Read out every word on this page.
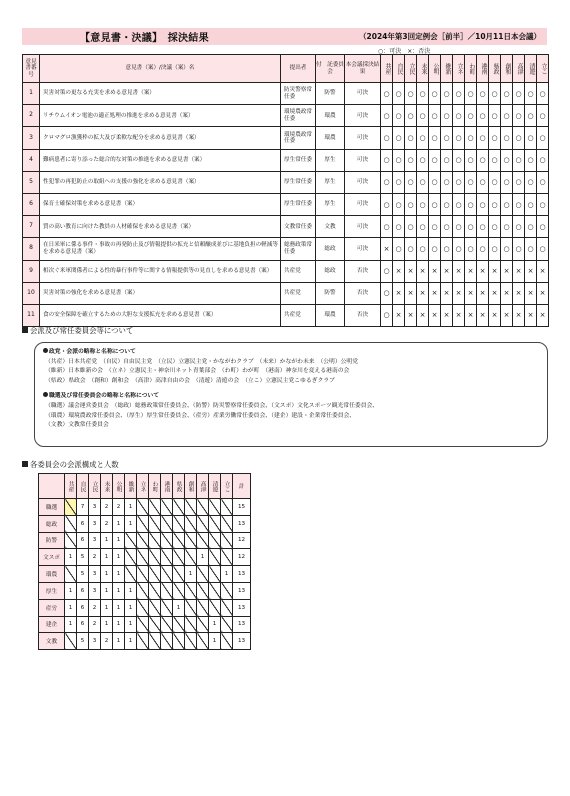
【意見書・決議】　採決結果	（2024年第3回定例会［前半］／10月11日本会議）
○：可決　×：否決
意見書番号	意見書（案）/決議（案）名	提出者	付　託委員会	本会議採決結果	共産	自民	立民	未来	公明	維新	立ネ	わ町	港南	県政	創和	高津	清遊	立こ
1	災害対策の更なる充実を求める意見書（案）	防災警察常任委	防警	可決	○	○	○	○	○	○	○	○	○	○	○	○	○	○
2	リチウムイオン電池の適正処理の推進を求める意見書（案）	環境農政常任委	環農	可決	○	○	○	○	○	○	○	○	○	○	○	○	○	○
3	クロマグロ漁獲枠の拡大及び柔軟な配分を求める意見書（案）	環境農政常任委	環農	可決	○	○	○	○	○	○	○	○	○	○	○	○	○	○
4	難病患者に寄り添った総合的な対策の推進を求める意見書（案）	厚生常任委	厚生	可決	○	○	○	○	○	○	○	○	○	○	○	○	○	○
5	性犯罪の再犯防止の取組への支援の強化を求める意見書（案）	厚生常任委	厚生	可決	○	○	○	○	○	○	○	○	○	○	○	○	○	○
6	保育士確保対策を求める意見書（案）	厚生常任委	厚生	可決	○	○	○	○	○	○	○	○	○	○	○	○	○	○
7	質の高い教育に向けた教員の人材確保を求める意見書（案）	文教常任委	文教	可決	○	○	○	○	○	○	○	○	○	○	○	○	○	○
8	在日米軍に係る事件・事故の再発防止及び情報提供の拡充と信頼醸成並びに基地負担の軽減等を求める意見書（案）	総務政策常任委	総政	可決	×	○	○	○	○	○	○	○	○	○	○	○	○	○
9	相次ぐ米軍関係者による性的暴行事件等に関する情報提供等の見直しを求める意見書（案）	共産党	総政	否決	○	×	×	×	×	×	×	×	×	×	×	×	×	×
10	災害対策の強化を求める意見書（案）	共産党	防警	否決	○	×	×	×	×	×	×	×	×	×	×	×	×	×
11	食の安全保障を確立するための大胆な支援拡充を求める意見書（案）	共産党	環農	否決	○	×	×	×	×	×	×	×	×	×	×	×	×	×
会派及び常任委員会等について
政党・会派の略称と名称について
（共産）日本共産党　（自民）自由民主党　（立民）立憲民主党・かながわクラブ　（未来）かながわ未来　（公明）公明党
（維新）日本維新の会　（立ネ）立憲民主・神奈川ネット青葉部会　（わ町）わが町　（港南）神奈川を変える港南の会
（県政）県政会　（創和）創和会　（高津）高津自由の会　（清遊）清遊の会　（立こ）立憲民主党こゆるぎクラブ
職選及び常任委員会の略称と名称について
（職選）議会運営委員会　（総政）総務政策常任委員会、（防警）防災警察常任委員会、（文スポ）文化スポーツ観光常任委員会、
（環農）環境農政常任委員会、（厚生）厚生常任委員会、（産労）産業労働常任委員会、（建企）建設・企業常任委員会、
（文教）文教常任委員会
各委員会の会派構成と人数
	共産	自民	立民	未来	公明	維新	立ネ	わ町	港南	県政	創和	高津	清遊	立こ	計
職選		7	3	2	2	1									15
総政		6	3	2	1	1									13
防警		6	3	1	1										12
文スポ	1	5	2	1	1							1			12
環農		5	3	1	1						1			1	13
厚生	1	6	3	1	1	1									13
産労	1	6	2	1	1	1				1					13
建企	1	6	2	1	1	1							1		13
文教		5	3	2	1	1							1		13
